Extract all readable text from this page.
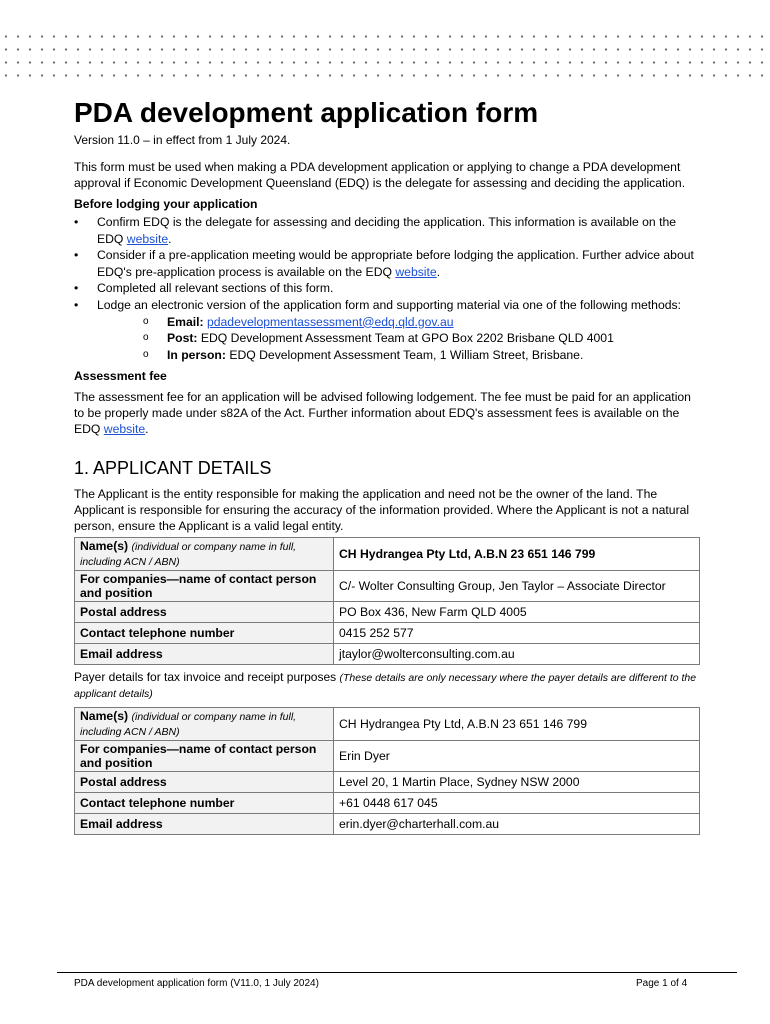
PDA development application form
Version 11.0 – in effect from 1 July 2024.

This form must be used when making a PDA development application or applying to change a PDA development approval if Economic Development Queensland (EDQ) is the delegate for assessing and deciding the application.

Before lodging your application
• Confirm EDQ is the delegate for assessing and deciding the application. This information is available on the EDQ website.
• Consider if a pre-application meeting would be appropriate before lodging the application. Further advice about EDQ's pre-application process is available on the EDQ website.
• Completed all relevant sections of this form.
• Lodge an electronic version of the application form and supporting material via one of the following methods:
o Email: pdadevelopmentassessment@edq.qld.gov.au
o Post: EDQ Development Assessment Team at GPO Box 2202 Brisbane QLD 4001
o In person: EDQ Development Assessment Team, 1 William Street, Brisbane.
Assessment fee

The assessment fee for an application will be advised following lodgement. The fee must be paid for an application to be properly made under s82A of the Act. Further information about EDQ's assessment fees is available on the EDQ website.

1. APPLICANT DETAILS

The Applicant is the entity responsible for making the application and need not be the owner of the land. The Applicant is responsible for ensuring the accuracy of the information provided. Where the Applicant is not a natural person, ensure the Applicant is a valid legal entity.

Name(s) (individual or company name in full, including ACN / ABN)	CH Hydrangea Pty Ltd, A.B.N 23 651 146 799
For companies—name of contact person and position	C/- Wolter Consulting Group, Jen Taylor – Associate Director
Postal address	PO Box 436, New Farm QLD 4005
Contact telephone number	0415 252 577
Email address	jtaylor@wolterconsulting.com.au
Payer details for tax invoice and receipt purposes (These details are only necessary where the payer details are different to the applicant details)
Name(s) (individual or company name in full, including ACN / ABN)	CH Hydrangea Pty Ltd, A.B.N 23 651 146 799
For companies—name of contact person and position	Erin Dyer
Postal address	Level 20, 1 Martin Place, Sydney NSW 2000
Contact telephone number	+61 0448 617 045
Email address	erin.dyer@charterhall.com.au
PDA development application form (V11.0, 1 July 2024)	Page 1 of 4
